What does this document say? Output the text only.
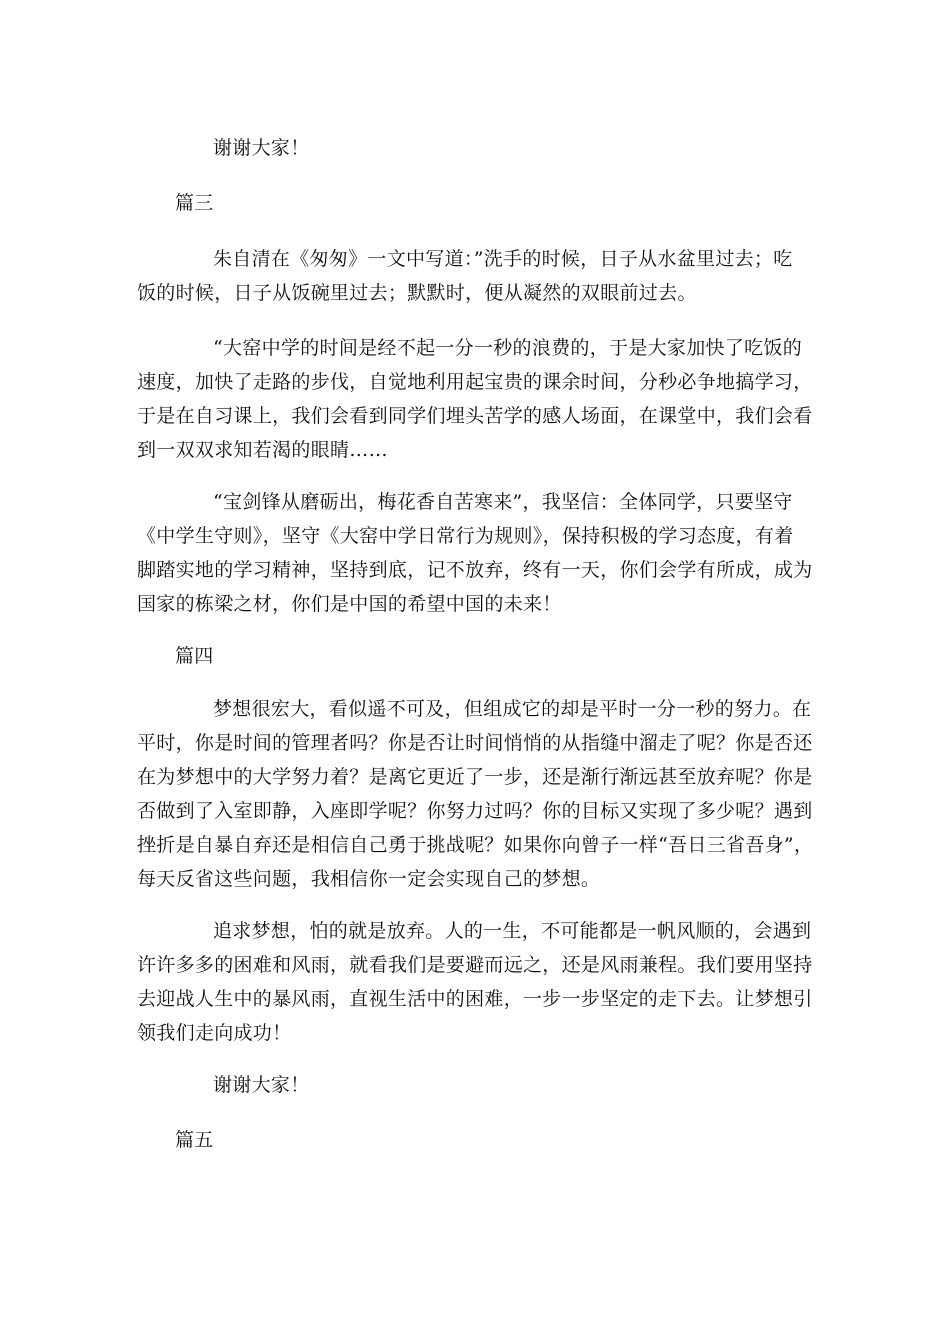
谢谢大家！
篇三
朱自清在《匆匆》一文中写道：”洗手的时候，日子从水盆里过去；吃
饭的时候，日子从饭碗里过去；默默时，便从凝然的双眼前过去。
“大窑中学的时间是经不起一分一秒的浪费的，于是大家加快了吃饭的
速度，加快了走路的步伐，自觉地利用起宝贵的课余时间，分秒必争地搞学习，
于是在自习课上，我们会看到同学们埋头苦学的感人场面，在课堂中，我们会看
到一双双求知若渴的眼睛……
“宝剑锋从磨砺出，梅花香自苦寒来”，我坚信：全体同学，只要坚守
《中学生守则》，坚守《大窑中学日常行为规则》，保持积极的学习态度，有着
脚踏实地的学习精神，坚持到底，记不放弃，终有一天，你们会学有所成，成为
国家的栋梁之材，你们是中国的希望中国的未来！
篇四
梦想很宏大，看似遥不可及，但组成它的却是平时一分一秒的努力。在
平时，你是时间的管理者吗？你是否让时间悄悄的从指缝中溜走了呢？你是否还
在为梦想中的大学努力着？是离它更近了一步，还是渐行渐远甚至放弃呢？你是
否做到了入室即静，入座即学呢？你努力过吗？你的目标又实现了多少呢？遇到
挫折是自暴自弃还是相信自己勇于挑战呢？如果你向曾子一样“吾日三省吾身”，
每天反省这些问题，我相信你一定会实现自己的梦想。
追求梦想，怕的就是放弃。人的一生，不可能都是一帆风顺的，会遇到
许许多多的困难和风雨，就看我们是要避而远之，还是风雨兼程。我们要用坚持
去迎战人生中的暴风雨，直视生活中的困难，一步一步坚定的走下去。让梦想引
领我们走向成功！
谢谢大家！
篇五
